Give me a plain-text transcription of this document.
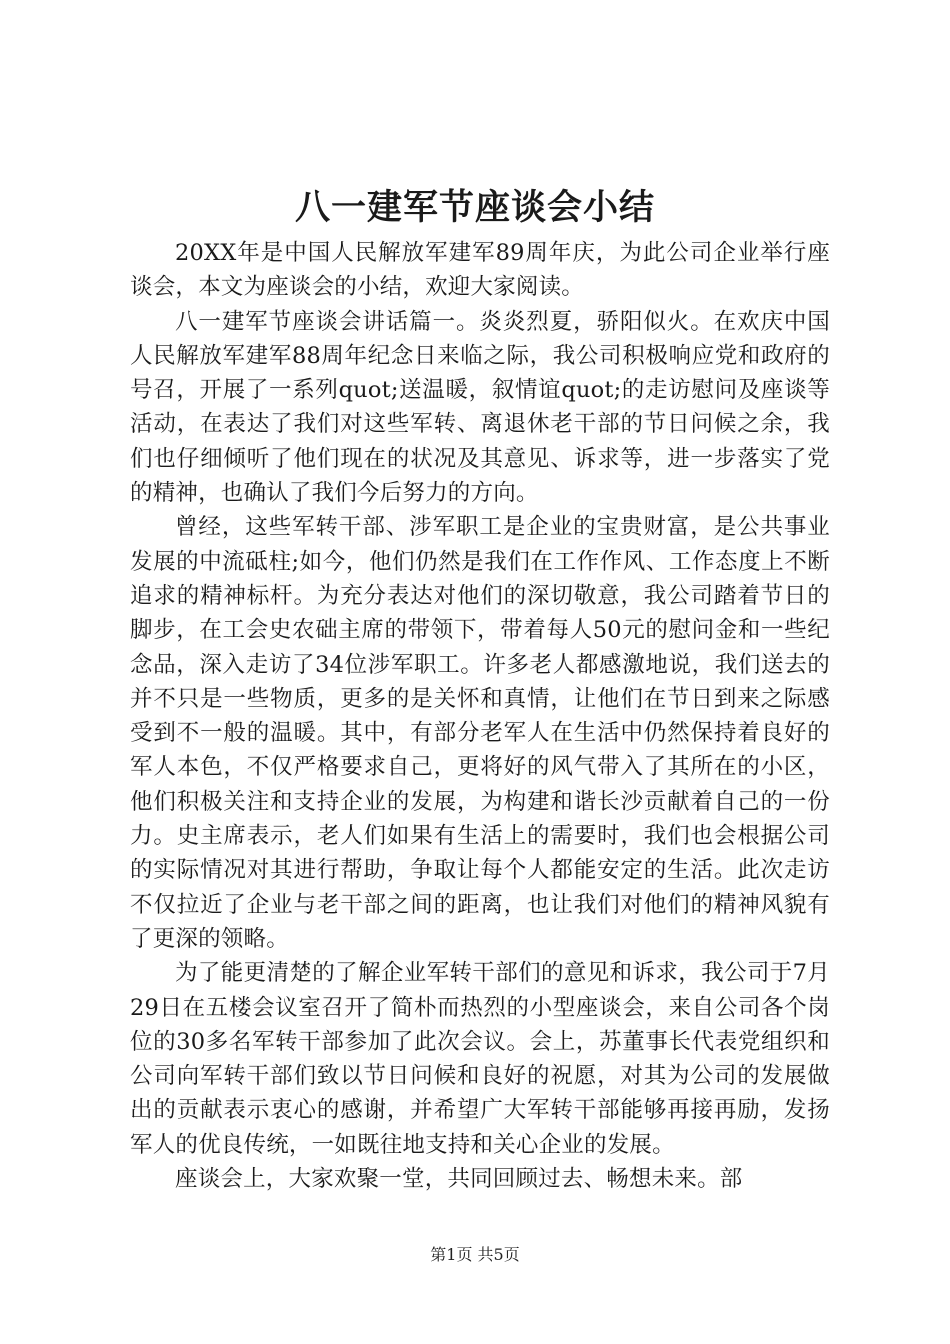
八一建军节座谈会小结

20XX年是中国人民解放军建军89周年庆，为此公司企业举行座谈会，本文为座谈会的小结，欢迎大家阅读。

八一建军节座谈会讲话篇一。炎炎烈夏，骄阳似火。在欢庆中国人民解放军建军88周年纪念日来临之际，我公司积极响应党和政府的号召，开展了一系列quot;送温暖，叙情谊quot;的走访慰问及座谈等活动，在表达了我们对这些军转、离退休老干部的节日问候之余，我们也仔细倾听了他们现在的状况及其意见、诉求等，进一步落实了党的精神，也确认了我们今后努力的方向。

曾经，这些军转干部、涉军职工是企业的宝贵财富，是公共事业发展的中流砥柱;如今，他们仍然是我们在工作作风、工作态度上不断追求的精神标杆。为充分表达对他们的深切敬意，我公司踏着节日的脚步，在工会史农础主席的带领下，带着每人50元的慰问金和一些纪念品，深入走访了34位涉军职工。许多老人都感激地说，我们送去的并不只是一些物质，更多的是关怀和真情，让他们在节日到来之际感受到不一般的温暖。其中，有部分老军人在生活中仍然保持着良好的军人本色，不仅严格要求自己，更将好的风气带入了其所在的小区，他们积极关注和支持企业的发展，为构建和谐长沙贡献着自己的一份力。史主席表示，老人们如果有生活上的需要时，我们也会根据公司的实际情况对其进行帮助，争取让每个人都能安定的生活。此次走访不仅拉近了企业与老干部之间的距离，也让我们对他们的精神风貌有了更深的领略。

为了能更清楚的了解企业军转干部们的意见和诉求，我公司于7月29日在五楼会议室召开了简朴而热烈的小型座谈会，来自公司各个岗位的30多名军转干部参加了此次会议。会上，苏董事长代表党组织和公司向军转干部们致以节日问候和良好的祝愿，对其为公司的发展做出的贡献表示衷心的感谢，并希望广大军转干部能够再接再励，发扬军人的优良传统，一如既往地支持和关心企业的发展。

座谈会上，大家欢聚一堂，共同回顾过去、畅想未来。部

第1页 共5页
